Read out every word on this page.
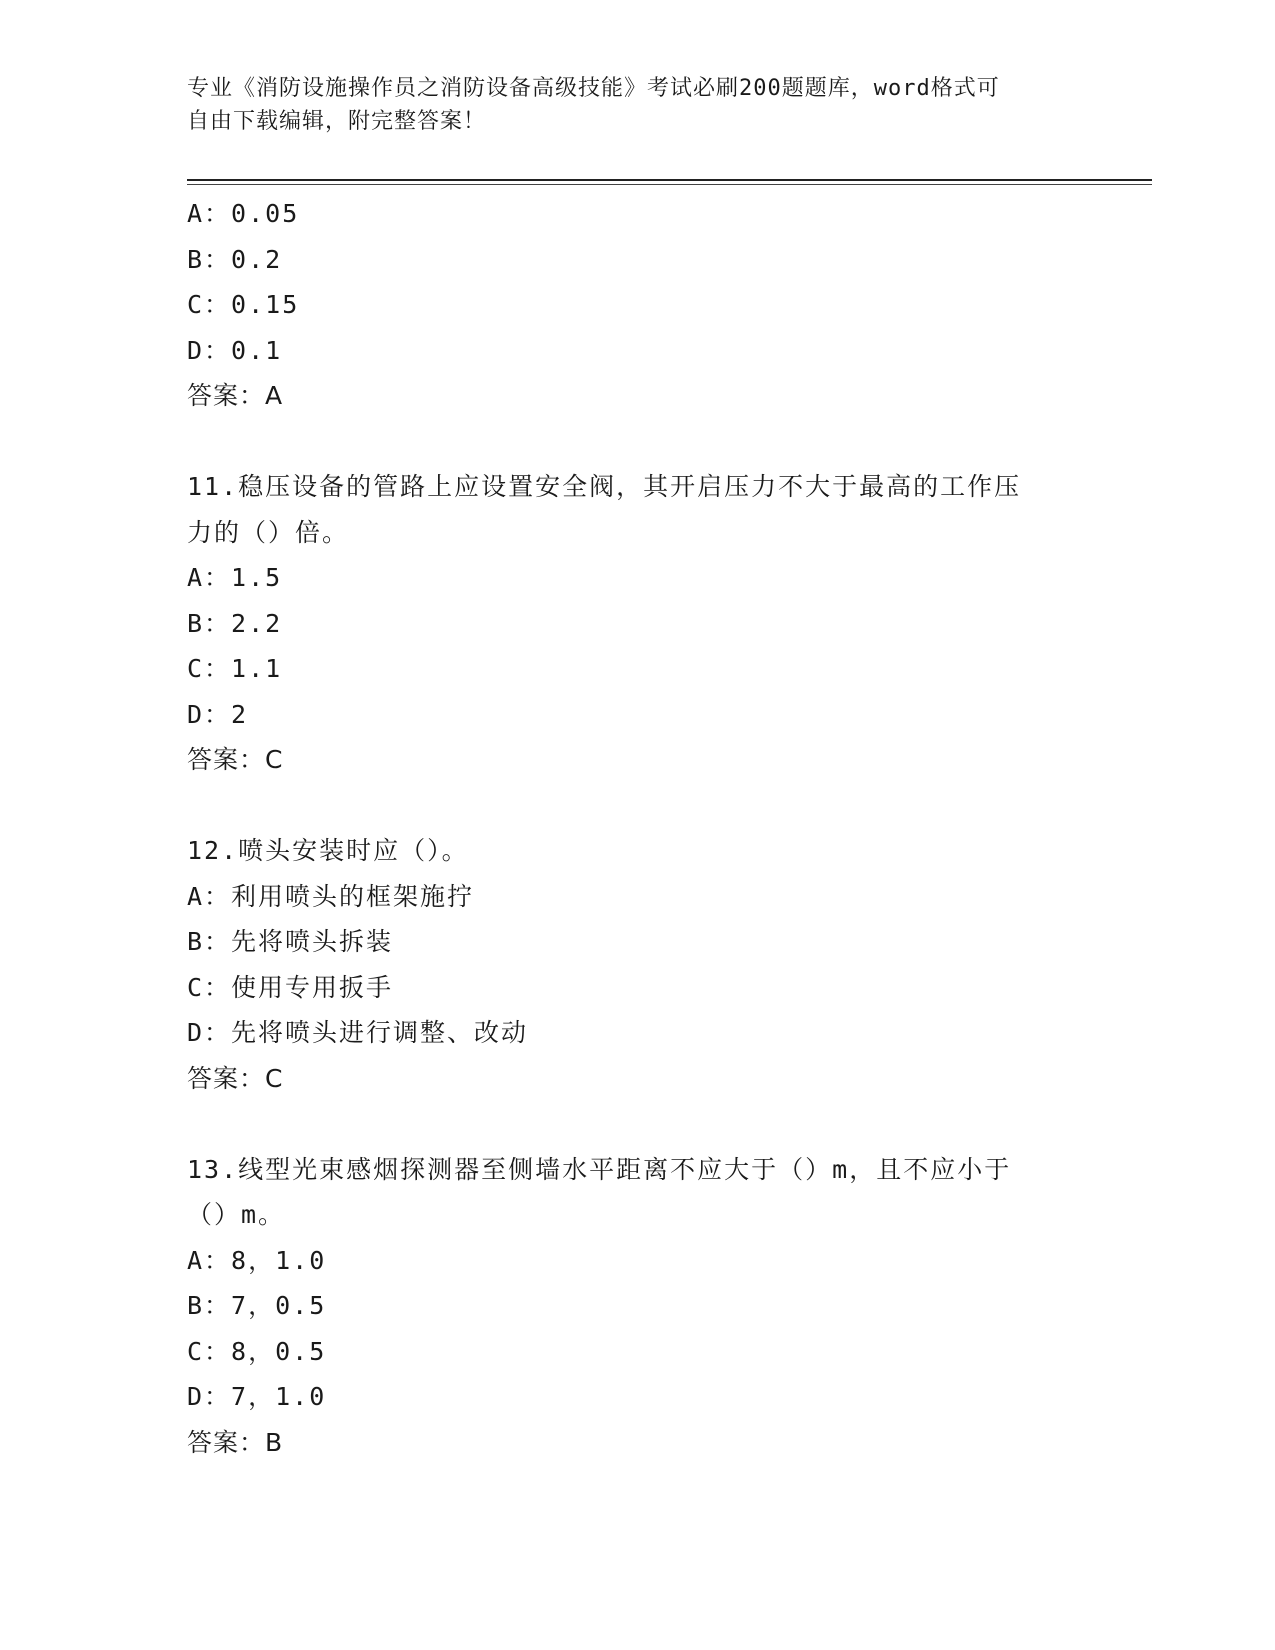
专业《消防设施操作员之消防设备高级技能》考试必刷200题题库，word格式可
自由下载编辑，附完整答案！
A：0.05
B：0.2
C：0.15
D：0.1
答案：A
11.稳压设备的管路上应设置安全阀，其开启压力不大于最高的工作压
力的（）倍。
A：1.5
B：2.2
C：1.1
D：2
答案：C
12.喷头安装时应（）。
A：利用喷头的框架施拧
B：先将喷头拆装
C：使用专用扳手
D：先将喷头进行调整、改动
答案：C
13.线型光束感烟探测器至侧墙水平距离不应大于（）m，且不应小于
（）m。
A：8，1.0
B：7，0.5
C：8，0.5
D：7，1.0
答案：B
